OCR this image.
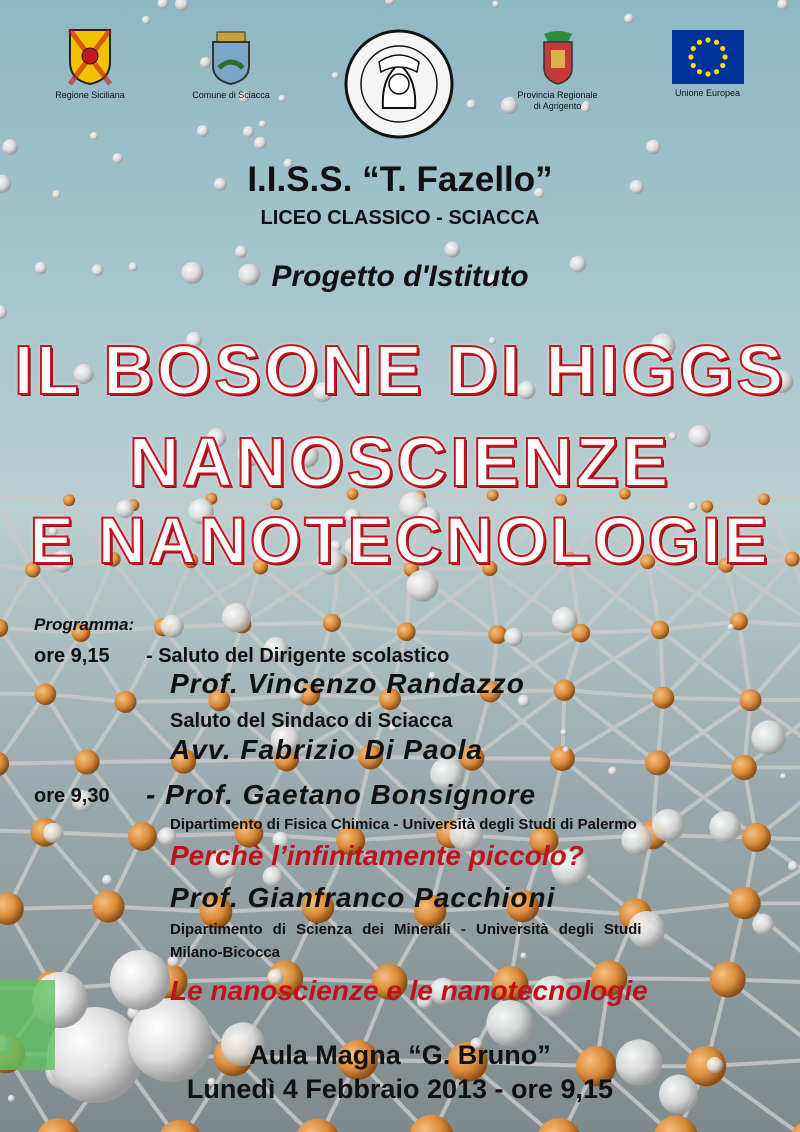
Regione Siciliana	Comune di Sciacca	Provincia Regionale
di Agrigento
Unione Europea
I.I.S.S. “T. Fazello”
LICEO CLASSICO - SCIACCA
Progetto d'Istituto
IL BOSONE DI HIGGS
NANOSCIENZE
E NANOTECNOLOGIE
Programma:
ore 9,15 - Saluto del Dirigente scolastico
Prof. Vincenzo Randazzo
Saluto del Sindaco di Sciacca
Avv. Fabrizio Di Paola
ore 9,30 - Prof. Gaetano Bonsignore
Dipartimento di Fisica Chimica - Università degli Studi di Palermo
Perchè l’infinitamente piccolo?
Prof. Gianfranco Pacchioni
Dipartimento di Scienza dei Minerali - Università degli Studi
Milano-Bicocca
Le nanoscienze e le nanotecnologie
Aula Magna “G. Bruno”
Lunedì 4 Febbraio 2013 - ore 9,15
